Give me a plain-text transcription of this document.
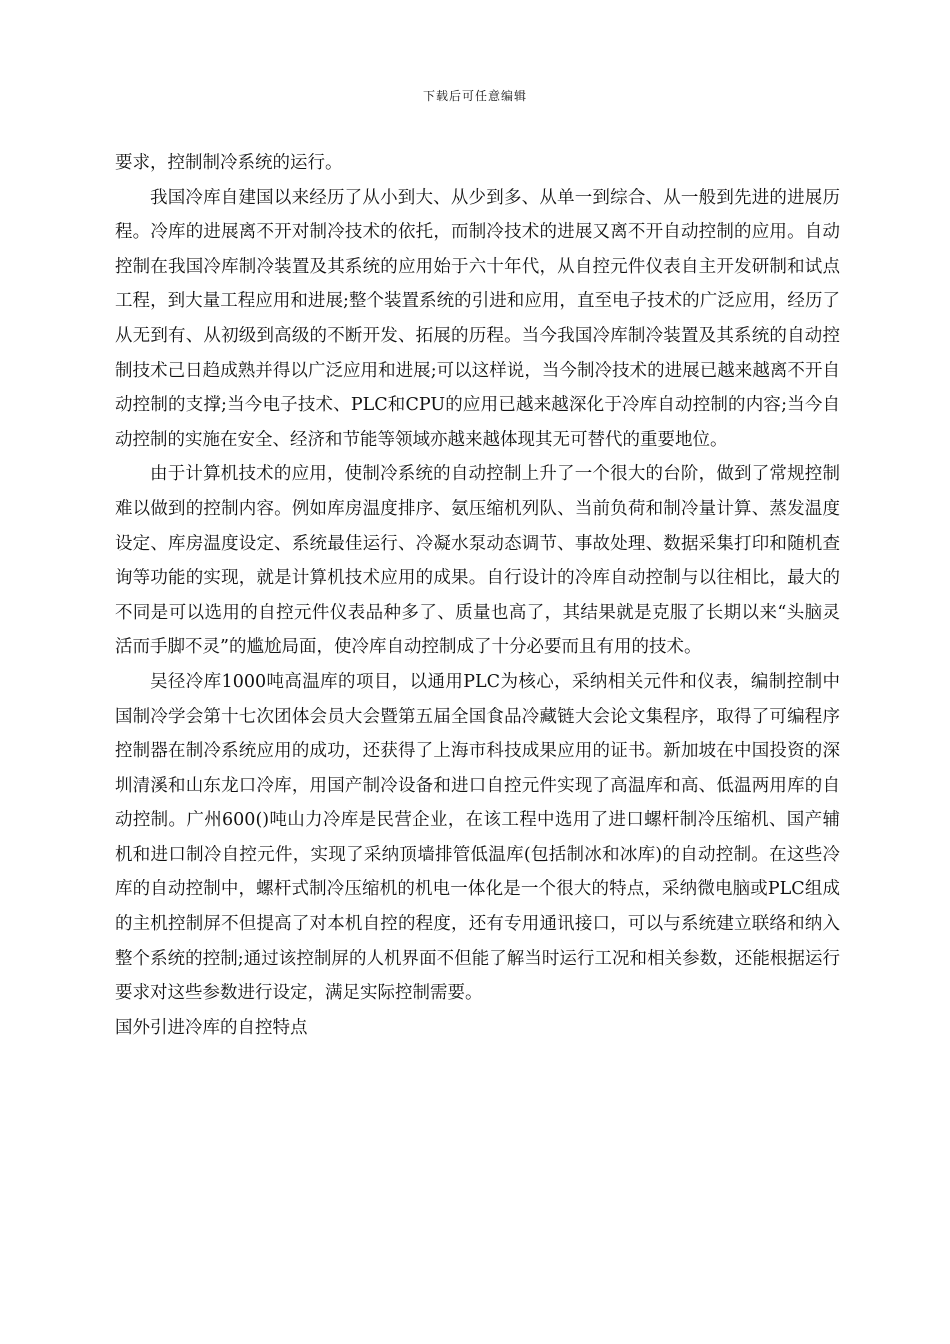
下载后可任意编辑

要求，控制制冷系统的运行。

我国冷库自建国以来经历了从小到大、从少到多、从单一到综合、从一般到先进的进展历程。冷库的进展离不开对制冷技术的依托，而制冷技术的进展又离不开自动控制的应用。自动控制在我国冷库制冷装置及其系统的应用始于六十年代，从自控元件仪表自主开发研制和试点工程，到大量工程应用和进展;整个装置系统的引进和应用，直至电子技术的广泛应用，经历了从无到有、从初级到高级的不断开发、拓展的历程。当今我国冷库制冷装置及其系统的自动控制技术己日趋成熟并得以广泛应用和进展;可以这样说，当今制冷技术的进展已越来越离不开自动控制的支撑;当今电子技术、PLC和CPU的应用已越来越深化于冷库自动控制的内容;当今自动控制的实施在安全、经济和节能等领域亦越来越体现其无可替代的重要地位。

由于计算机技术的应用，使制冷系统的自动控制上升了一个很大的台阶，做到了常规控制难以做到的控制内容。例如库房温度排序、氨压缩机列队、当前负荷和制冷量计算、蒸发温度设定、库房温度设定、系统最佳运行、冷凝水泵动态调节、事故处理、数据采集打印和随机查询等功能的实现，就是计算机技术应用的成果。自行设计的冷库自动控制与以往相比，最大的不同是可以选用的自控元件仪表品种多了、质量也高了，其结果就是克服了长期以来“头脑灵活而手脚不灵”的尴尬局面，使冷库自动控制成了十分必要而且有用的技术。

吴径冷库1000吨高温库的项目，以通用PLC为核心，采纳相关元件和仪表，编制控制中国制冷学会第十七次团体会员大会暨第五届全国食品冷藏链大会论文集程序，取得了可编程序控制器在制冷系统应用的成功，还获得了上海市科技成果应用的证书。新加坡在中国投资的深圳清溪和山东龙口冷库，用国产制冷设备和进口自控元件实现了高温库和高、低温两用库的自动控制。广州600()吨山力冷库是民营企业，在该工程中选用了进口螺杆制冷压缩机、国产辅机和进口制冷自控元件，实现了采纳顶墙排管低温库(包括制冰和冰库)的自动控制。在这些冷库的自动控制中，螺杆式制冷压缩机的机电一体化是一个很大的特点，采纳微电脑或PLC组成的主机控制屏不但提高了对本机自控的程度，还有专用通讯接口，可以与系统建立联络和纳入整个系统的控制;通过该控制屏的人机界面不但能了解当时运行工况和相关参数，还能根据运行要求对这些参数进行设定，满足实际控制需要。

国外引进冷库的自控特点
